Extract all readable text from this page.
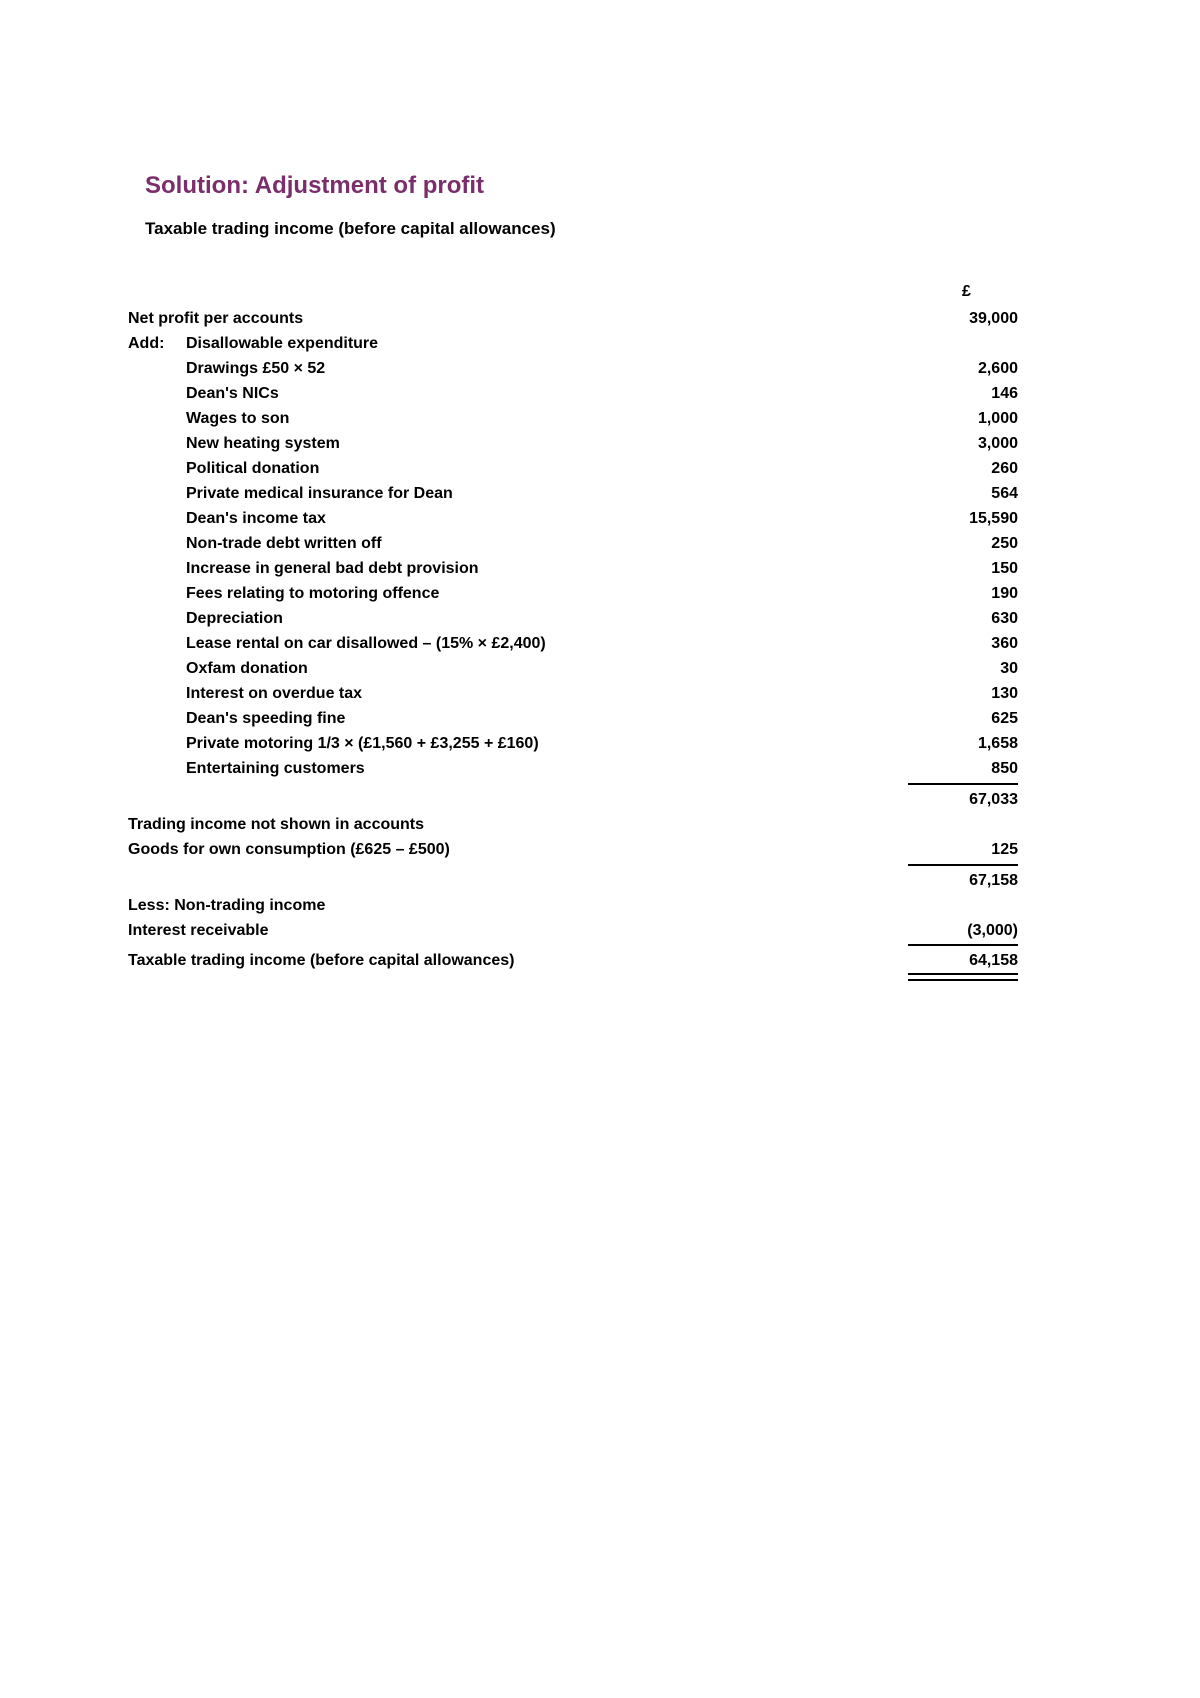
Solution: Adjustment of profit
Taxable trading income (before capital allowances)
£
Net profit per accounts	39,000
Add: Disallowable expenditure
Drawings £50 × 52	2,600
Dean's NICs	146
Wages to son	1,000
New heating system	3,000
Political donation	260
Private medical insurance for Dean	564
Dean's income tax	15,590
Non-trade debt written off	250
Increase in general bad debt provision	150
Fees relating to motoring offence	190
Depreciation	630
Lease rental on car disallowed – (15% × £2,400)	360
Oxfam donation	30
Interest on overdue tax	130
Dean's speeding fine	625
Private motoring 1/3 × (£1,560 + £3,255 + £160)	1,658
Entertaining customers	850
67,033
Trading income not shown in accounts
Goods for own consumption (£625 – £500)	125
67,158
Less: Non-trading income
Interest receivable	(3,000)
Taxable trading income (before capital allowances)	64,158
